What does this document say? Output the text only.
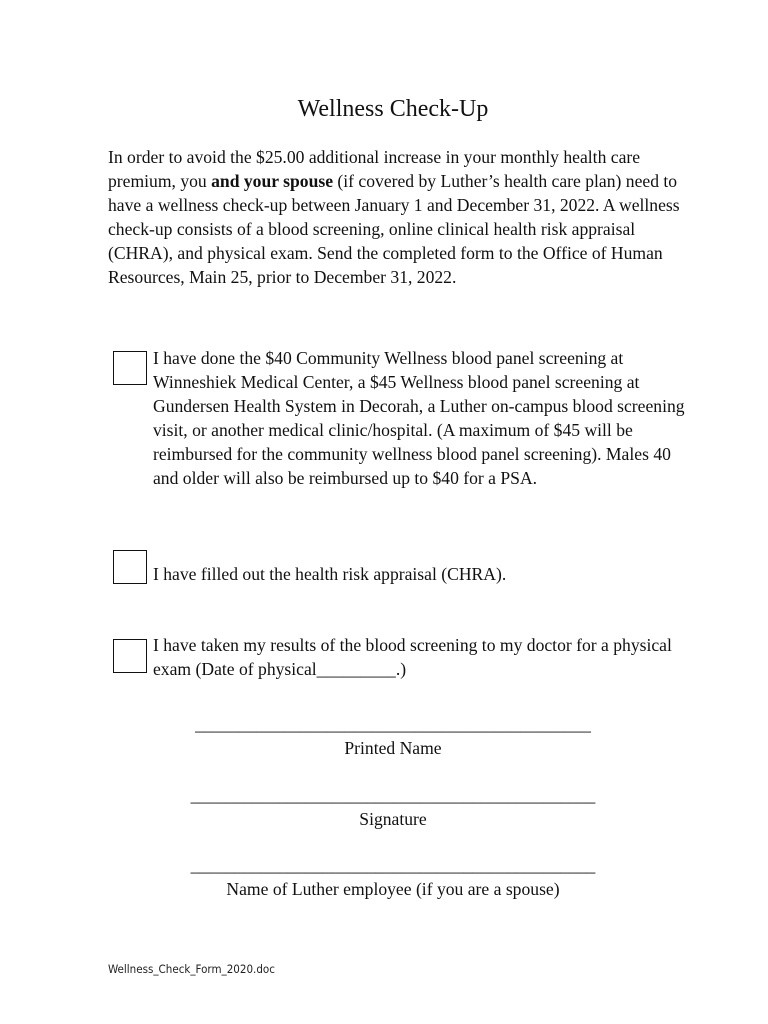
Wellness Check-Up
In order to avoid the $25.00 additional increase in your monthly health care premium, you and your spouse (if covered by Luther’s health care plan) need to have a wellness check-up between January 1 and December 31, 2022. A wellness check-up consists of a blood screening, online clinical health risk appraisal (CHRA), and physical exam. Send the completed form to the Office of Human Resources, Main 25, prior to December 31, 2022.
I have done the $40 Community Wellness blood panel screening at Winneshiek Medical Center, a $45 Wellness blood panel screening at Gundersen Health System in Decorah, a Luther on-campus blood screening visit, or another medical clinic/hospital. (A maximum of $45 will be reimbursed for the community wellness blood panel screening). Males 40 and older will also be reimbursed up to $40 for a PSA.
I have filled out the health risk appraisal (CHRA).
I have taken my results of the blood screening to my doctor for a physical exam (Date of physical_________.)
_____________________________________________
Printed Name
______________________________________________
Signature
______________________________________________
Name of Luther employee (if you are a spouse)
Wellness_Check_Form_2020.doc
